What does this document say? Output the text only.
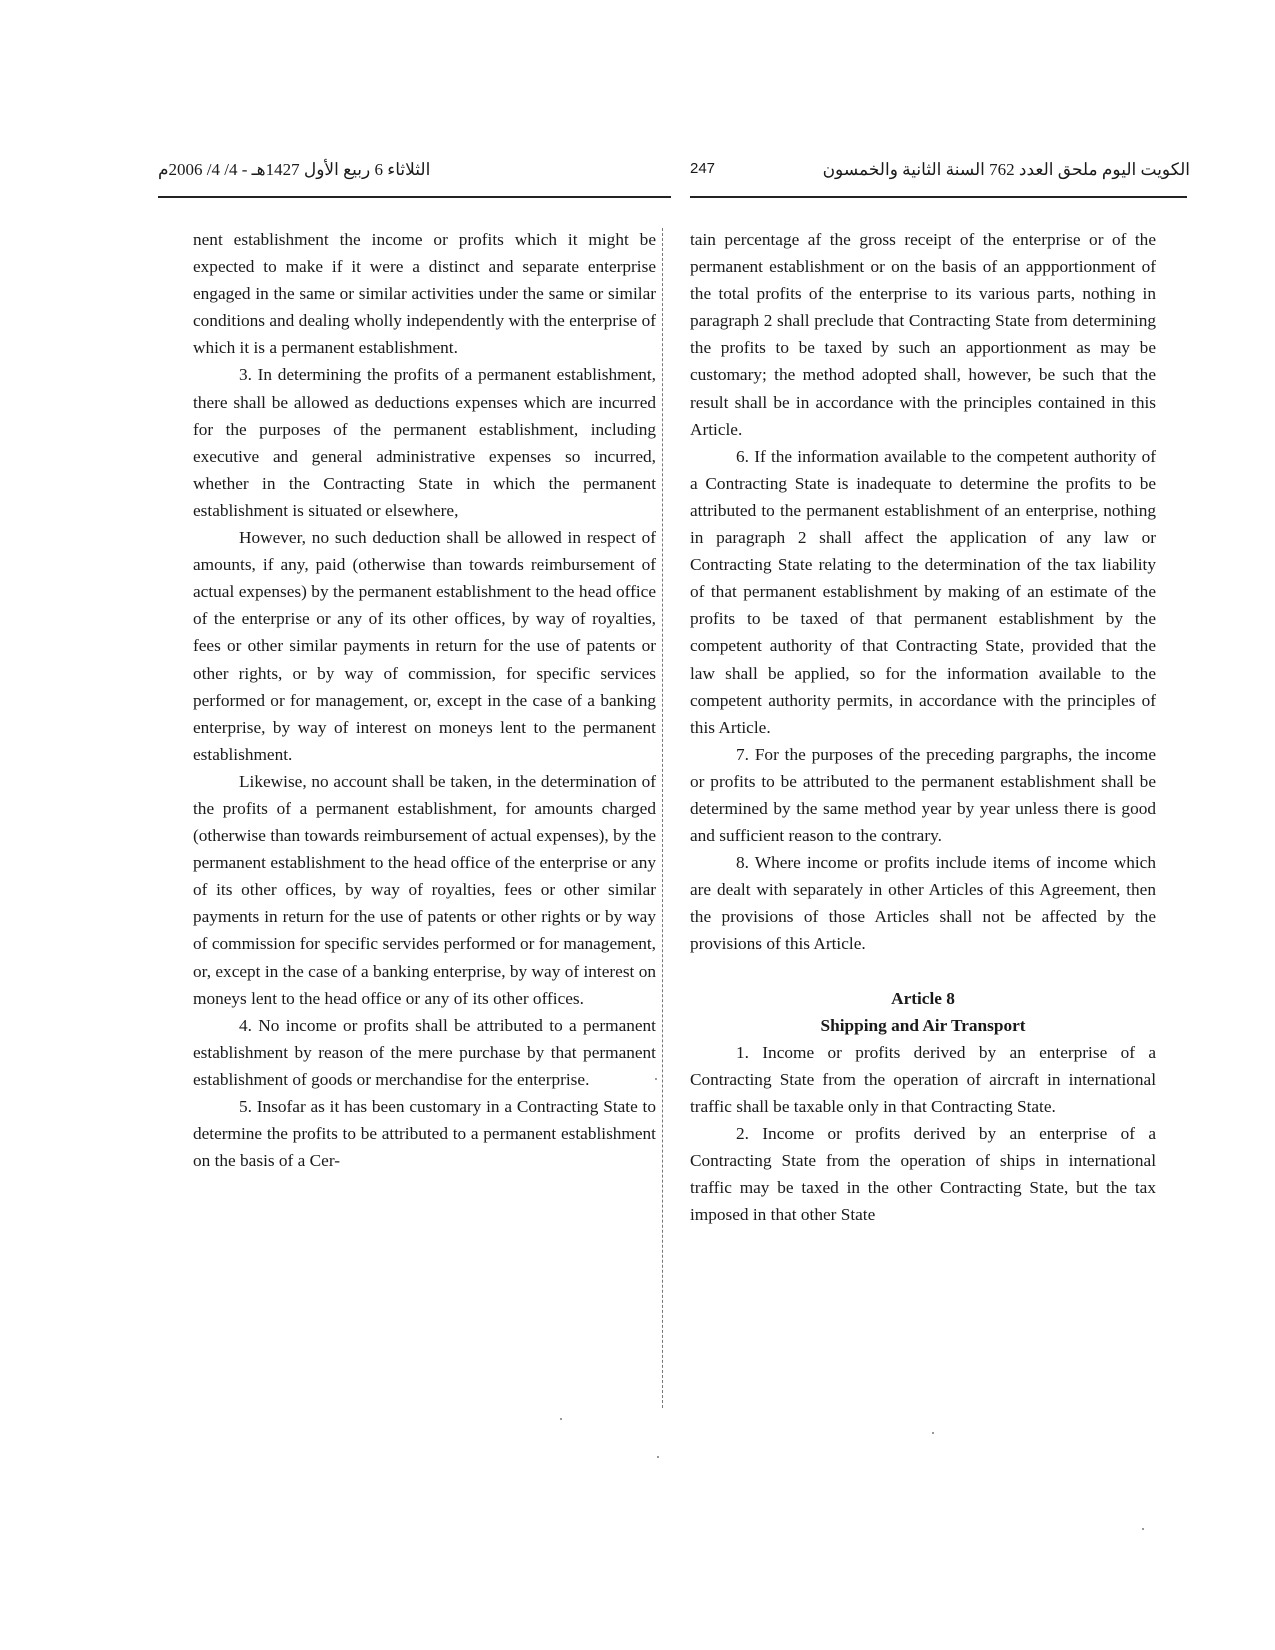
الثلاثاء 6 ربيع الأول 1427هـ - 4/ 4/ 2006م	247	الكويت اليوم ملحق العدد 762 السنة الثانية والخمسون

nent establishment the income or profits which it might be expected to make if it were a distinct and separate enterprise engaged in the same or similar activities under the same or similar conditions and dealing wholly independently with the enterprise of which it is a permanent establishment.

3. In determining the profits of a permanent establishment, there shall be allowed as deductions expenses which are incurred for the purposes of the permanent establishment, including executive and general administrative expenses so incurred, whether in the Contracting State in which the permanent establishment is situated or elsewhere,

However, no such deduction shall be allowed in respect of amounts, if any, paid (otherwise than towards reimbursement of actual expenses) by the permanent establishment to the head office of the enterprise or any of its other offices, by way of royalties, fees or other similar payments in return for the use of patents or other rights, or by way of commission, for specific services performed or for management, or, except in the case of a banking enterprise, by way of interest on moneys lent to the permanent establishment.

Likewise, no account shall be taken, in the determination of the profits of a permanent establishment, for amounts charged (otherwise than towards reimbursement of actual expenses), by the permanent establishment to the head office of the enterprise or any of its other offices, by way of royalties, fees or other similar payments in return for the use of patents or other rights or by way of commission for specific servides performed or for management, or, except in the case of a banking enterprise, by way of interest on moneys lent to the head office or any of its other offices.

4. No income or profits shall be attributed to a permanent establishment by reason of the mere purchase by that permanent establishment of goods or merchandise for the enterprise.

5. Insofar as it has been customary in a Contracting State to determine the profits to be attributed to a permanent establishment on the basis of a Cer-

tain percentage af the gross receipt of the enterprise or of the permanent establishment or on the basis of an appportionment of the total profits of the enterprise to its various parts, nothing in paragraph 2 shall preclude that Contracting State from determining the profits to be taxed by such an apportionment as may be customary; the method adopted shall, however, be such that the result shall be in accordance with the principles contained in this Article.

6. If the information available to the competent authority of a Contracting State is inadequate to determine the profits to be attributed to the permanent establishment of an enterprise, nothing in paragraph 2 shall affect the application of any law or Contracting State relating to the determination of the tax liability of that permanent establishment by making of an estimate of the profits to be taxed of that permanent establishment by the competent authority of that Contracting State, provided that the law shall be applied, so for the information available to the competent authority permits, in accordance with the principles of this Article.

7. For the purposes of the preceding pargraphs, the income or profits to be attributed to the permanent establishment shall be determined by the same method year by year unless there is good and sufficient reason to the contrary.

8. Where income or profits include items of income which are dealt with separately in other Articles of this Agreement, then the provisions of those Articles shall not be affected by the provisions of this Article.

Article 8
Shipping and Air Transport

1. Income or profits derived by an enterprise of a Contracting State from the operation of aircraft in international traffic shall be taxable only in that Contracting State.

2. Income or profits derived by an enterprise of a Contracting State from the operation of ships in international traffic may be taxed in the other Contracting State, but the tax imposed in that other State
